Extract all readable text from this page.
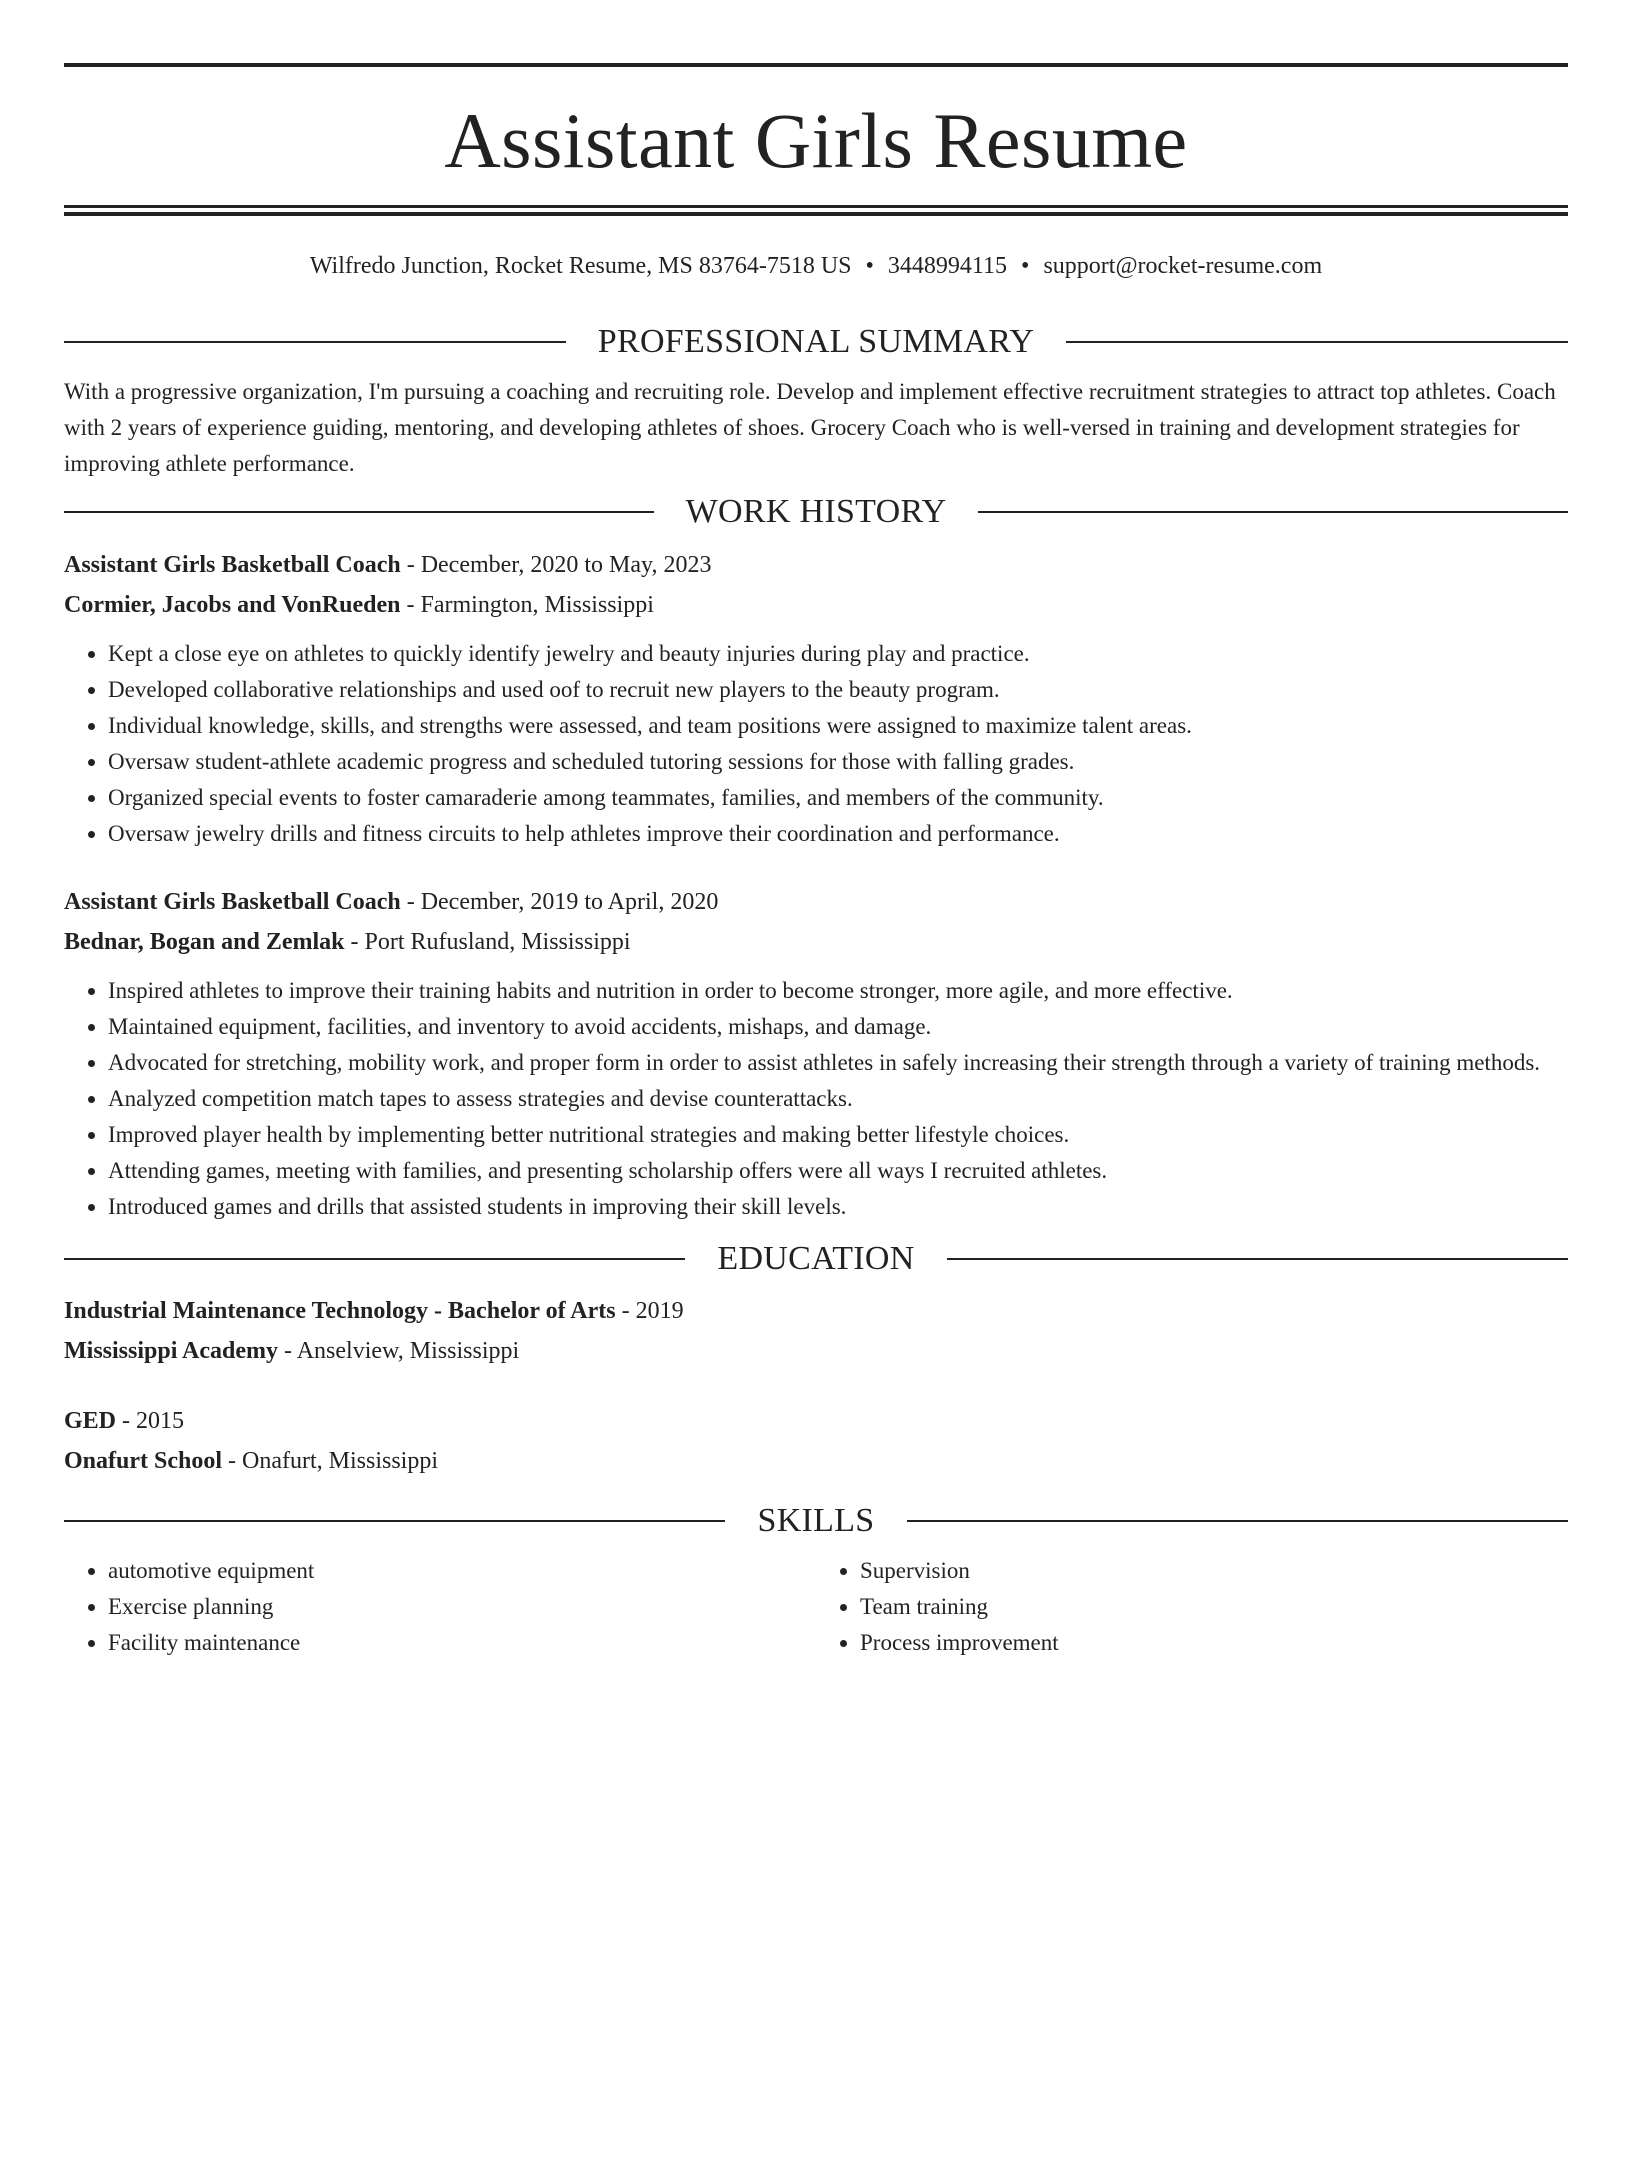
Assistant Girls Resume
Wilfredo Junction, Rocket Resume, MS 83764-7518 US • 3448994115 • support@rocket-resume.com
PROFESSIONAL SUMMARY

With a progressive organization, I'm pursuing a coaching and recruiting role. Develop and implement effective recruitment strategies to attract top athletes. Coach with 2 years of experience guiding, mentoring, and developing athletes of shoes. Grocery Coach who is well-versed in training and development strategies for improving athlete performance.

WORK HISTORY
Assistant Girls Basketball Coach - December, 2020 to May, 2023
Cormier, Jacobs and VonRueden - Farmington, Mississippi
• Kept a close eye on athletes to quickly identify jewelry and beauty injuries during play and practice.
• Developed collaborative relationships and used oof to recruit new players to the beauty program.
• Individual knowledge, skills, and strengths were assessed, and team positions were assigned to maximize talent areas.
• Oversaw student-athlete academic progress and scheduled tutoring sessions for those with falling grades.
• Organized special events to foster camaraderie among teammates, families, and members of the community.
• Oversaw jewelry drills and fitness circuits to help athletes improve their coordination and performance.
Assistant Girls Basketball Coach - December, 2019 to April, 2020
Bednar, Bogan and Zemlak - Port Rufusland, Mississippi
• Inspired athletes to improve their training habits and nutrition in order to become stronger, more agile, and more effective.
• Maintained equipment, facilities, and inventory to avoid accidents, mishaps, and damage.
• Advocated for stretching, mobility work, and proper form in order to assist athletes in safely increasing their strength through a variety of training methods.
• Analyzed competition match tapes to assess strategies and devise counterattacks.
• Improved player health by implementing better nutritional strategies and making better lifestyle choices.
• Attending games, meeting with families, and presenting scholarship offers were all ways I recruited athletes.
• Introduced games and drills that assisted students in improving their skill levels.
EDUCATION
Industrial Maintenance Technology - Bachelor of Arts - 2019
Mississippi Academy - Anselview, Mississippi
GED - 2015
Onafurt School - Onafurt, Mississippi
SKILLS
• automotive equipment
• Exercise planning
• Facility maintenance
• Supervision
• Team training
• Process improvement
